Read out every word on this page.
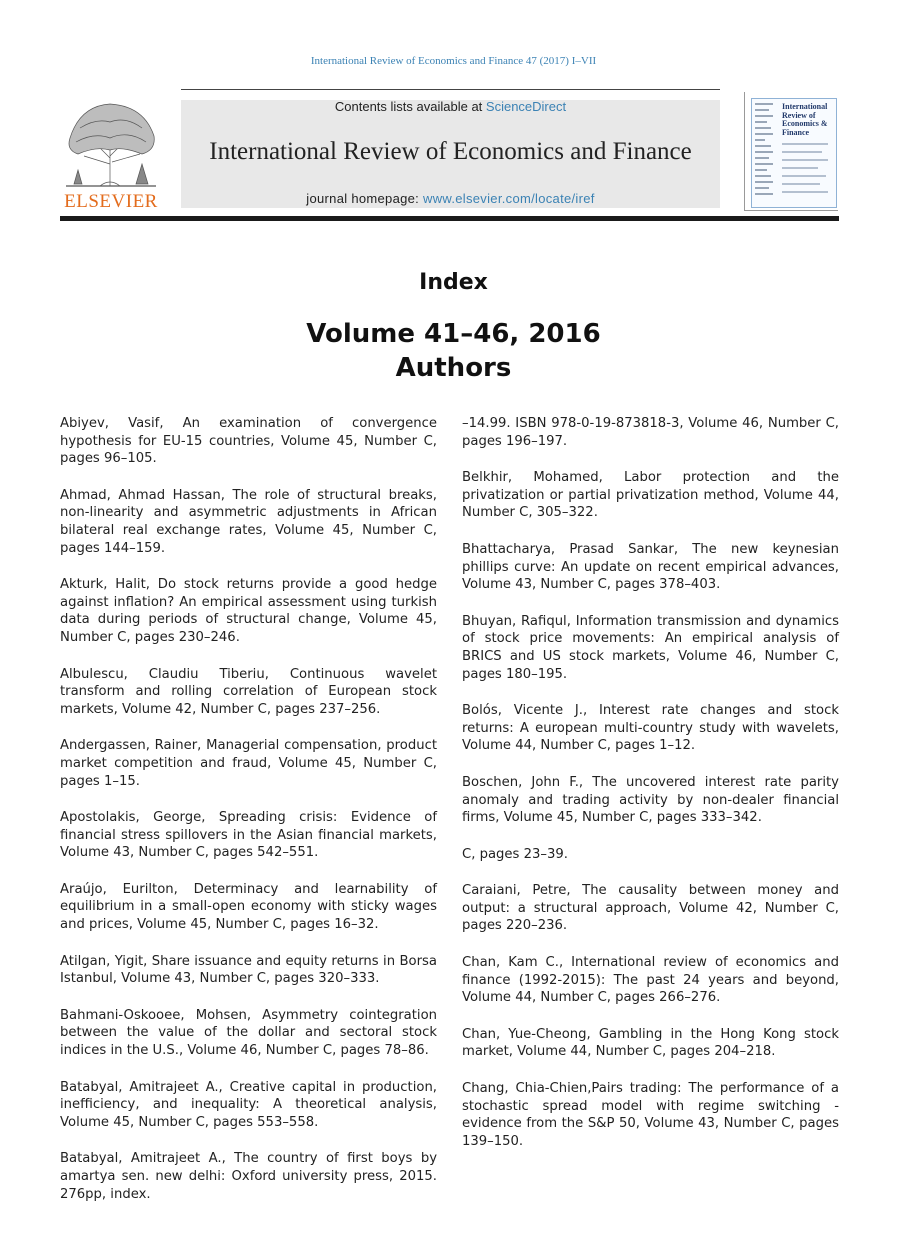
International Review of Economics and Finance 47 (2017) I–VII
ELSEVIER
Contents lists available at ScienceDirect
International Review of Economics and Finance
journal homepage: www.elsevier.com/locate/iref
International Review of Economics & Finance
Index
Volume 41–46, 2016
Authors

Abiyev, Vasif, An examination of convergence hypothesis for EU-15 countries, Volume 45, Number C, pages 96–105.

Ahmad, Ahmad Hassan, The role of structural breaks, non-linearity and asymmetric adjustments in African bilateral real exchange rates, Volume 45, Number C, pages 144–159.

Akturk, Halit, Do stock returns provide a good hedge against inflation? An empirical assessment using turkish data during periods of structural change, Volume 45, Number C, pages 230–246.

Albulescu, Claudiu Tiberiu, Continuous wavelet transform and rolling correlation of European stock markets, Volume 42, Number C, pages 237–256.

Andergassen, Rainer, Managerial compensation, product market competition and fraud, Volume 45, Number C, pages 1–15.

Apostolakis, George, Spreading crisis: Evidence of financial stress spillovers in the Asian financial markets, Volume 43, Number C, pages 542–551.

Araújo, Eurilton, Determinacy and learnability of equilibrium in a small-open economy with sticky wages and prices, Volume 45, Number C, pages 16–32.

Atilgan, Yigit, Share issuance and equity returns in Borsa Istanbul, Volume 43, Number C, pages 320–333.

Bahmani-Oskooee, Mohsen, Asymmetry cointegration between the value of the dollar and sectoral stock indices in the U.S., Volume 46, Number C, pages 78–86.

Batabyal, Amitrajeet A., Creative capital in production, inefficiency, and inequality: A theoretical analysis, Volume 45, Number C, pages 553–558.

Batabyal, Amitrajeet A., The country of first boys by amartya sen. new delhi: Oxford university press, 2015. 276pp, index.

–14.99. ISBN 978-0-19-873818-3, Volume 46, Number C, pages 196–197.

Belkhir, Mohamed, Labor protection and the privatization or partial privatization method, Volume 44, Number C, 305–322.

Bhattacharya, Prasad Sankar, The new keynesian phillips curve: An update on recent empirical advances, Volume 43, Number C, pages 378–403.

Bhuyan, Rafiqul, Information transmission and dynamics of stock price movements: An empirical analysis of BRICS and US stock markets, Volume 46, Number C, pages 180–195.

Bolós, Vicente J., Interest rate changes and stock returns: A european multi-country study with wavelets, Volume 44, Number C, pages 1–12.

Boschen, John F., The uncovered interest rate parity anomaly and trading activity by non-dealer financial firms, Volume 45, Number C, pages 333–342.

C, pages 23–39.

Caraiani, Petre, The causality between money and output: a structural approach, Volume 42, Number C, pages 220–236.

Chan, Kam C., International review of economics and finance (1992-2015): The past 24 years and beyond, Volume 44, Number C, pages 266–276.

Chan, Yue-Cheong, Gambling in the Hong Kong stock market, Volume 44, Number C, pages 204–218.

Chang, Chia-Chien,Pairs trading: The performance of a stochastic spread model with regime switching - evidence from the S&P 50, Volume 43, Number C, pages 139–150.
